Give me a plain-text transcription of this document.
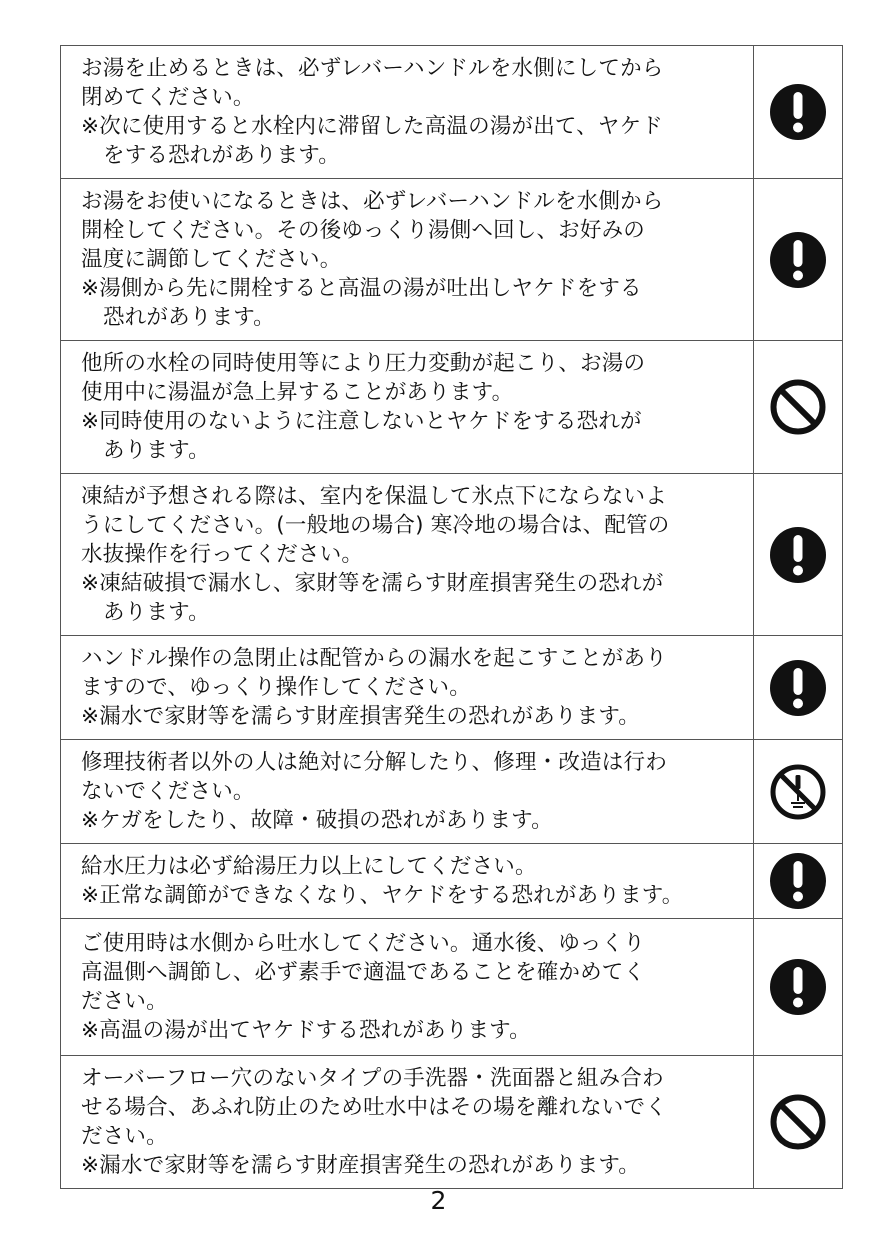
お湯を止めるときは、必ずレバーハンドルを水側にしてから
閉めてください。
※次に使用すると水栓内に滞留した高温の湯が出て、ヤケド
をする恐れがあります。

お湯をお使いになるときは、必ずレバーハンドルを水側から
開栓してください。その後ゆっくり湯側へ回し、お好みの
温度に調節してください。
※湯側から先に開栓すると高温の湯が吐出しヤケドをする
恐れがあります。

他所の水栓の同時使用等により圧力変動が起こり、お湯の
使用中に湯温が急上昇することがあります。
※同時使用のないように注意しないとヤケドをする恐れが
あります。

凍結が予想される際は、室内を保温して氷点下にならないよ
うにしてください。(一般地の場合) 寒冷地の場合は、配管の
水抜操作を行ってください。
※凍結破損で漏水し、家財等を濡らす財産損害発生の恐れが
あります。

ハンドル操作の急閉止は配管からの漏水を起こすことがあり
ますので、ゆっくり操作してください。
※漏水で家財等を濡らす財産損害発生の恐れがあります。

修理技術者以外の人は絶対に分解したり、修理・改造は行わ
ないでください。
※ケガをしたり、故障・破損の恐れがあります。

給水圧力は必ず給湯圧力以上にしてください。
※正常な調節ができなくなり、ヤケドをする恐れがあります。

ご使用時は水側から吐水してください。通水後、ゆっくり
高温側へ調節し、必ず素手で適温であることを確かめてく
ださい。
※高温の湯が出てヤケドする恐れがあります。

オーバーフロー穴のないタイプの手洗器・洗面器と組み合わ
せる場合、あふれ防止のため吐水中はその場を離れないでく
ださい。
※漏水で家財等を濡らす財産損害発生の恐れがあります。

2
